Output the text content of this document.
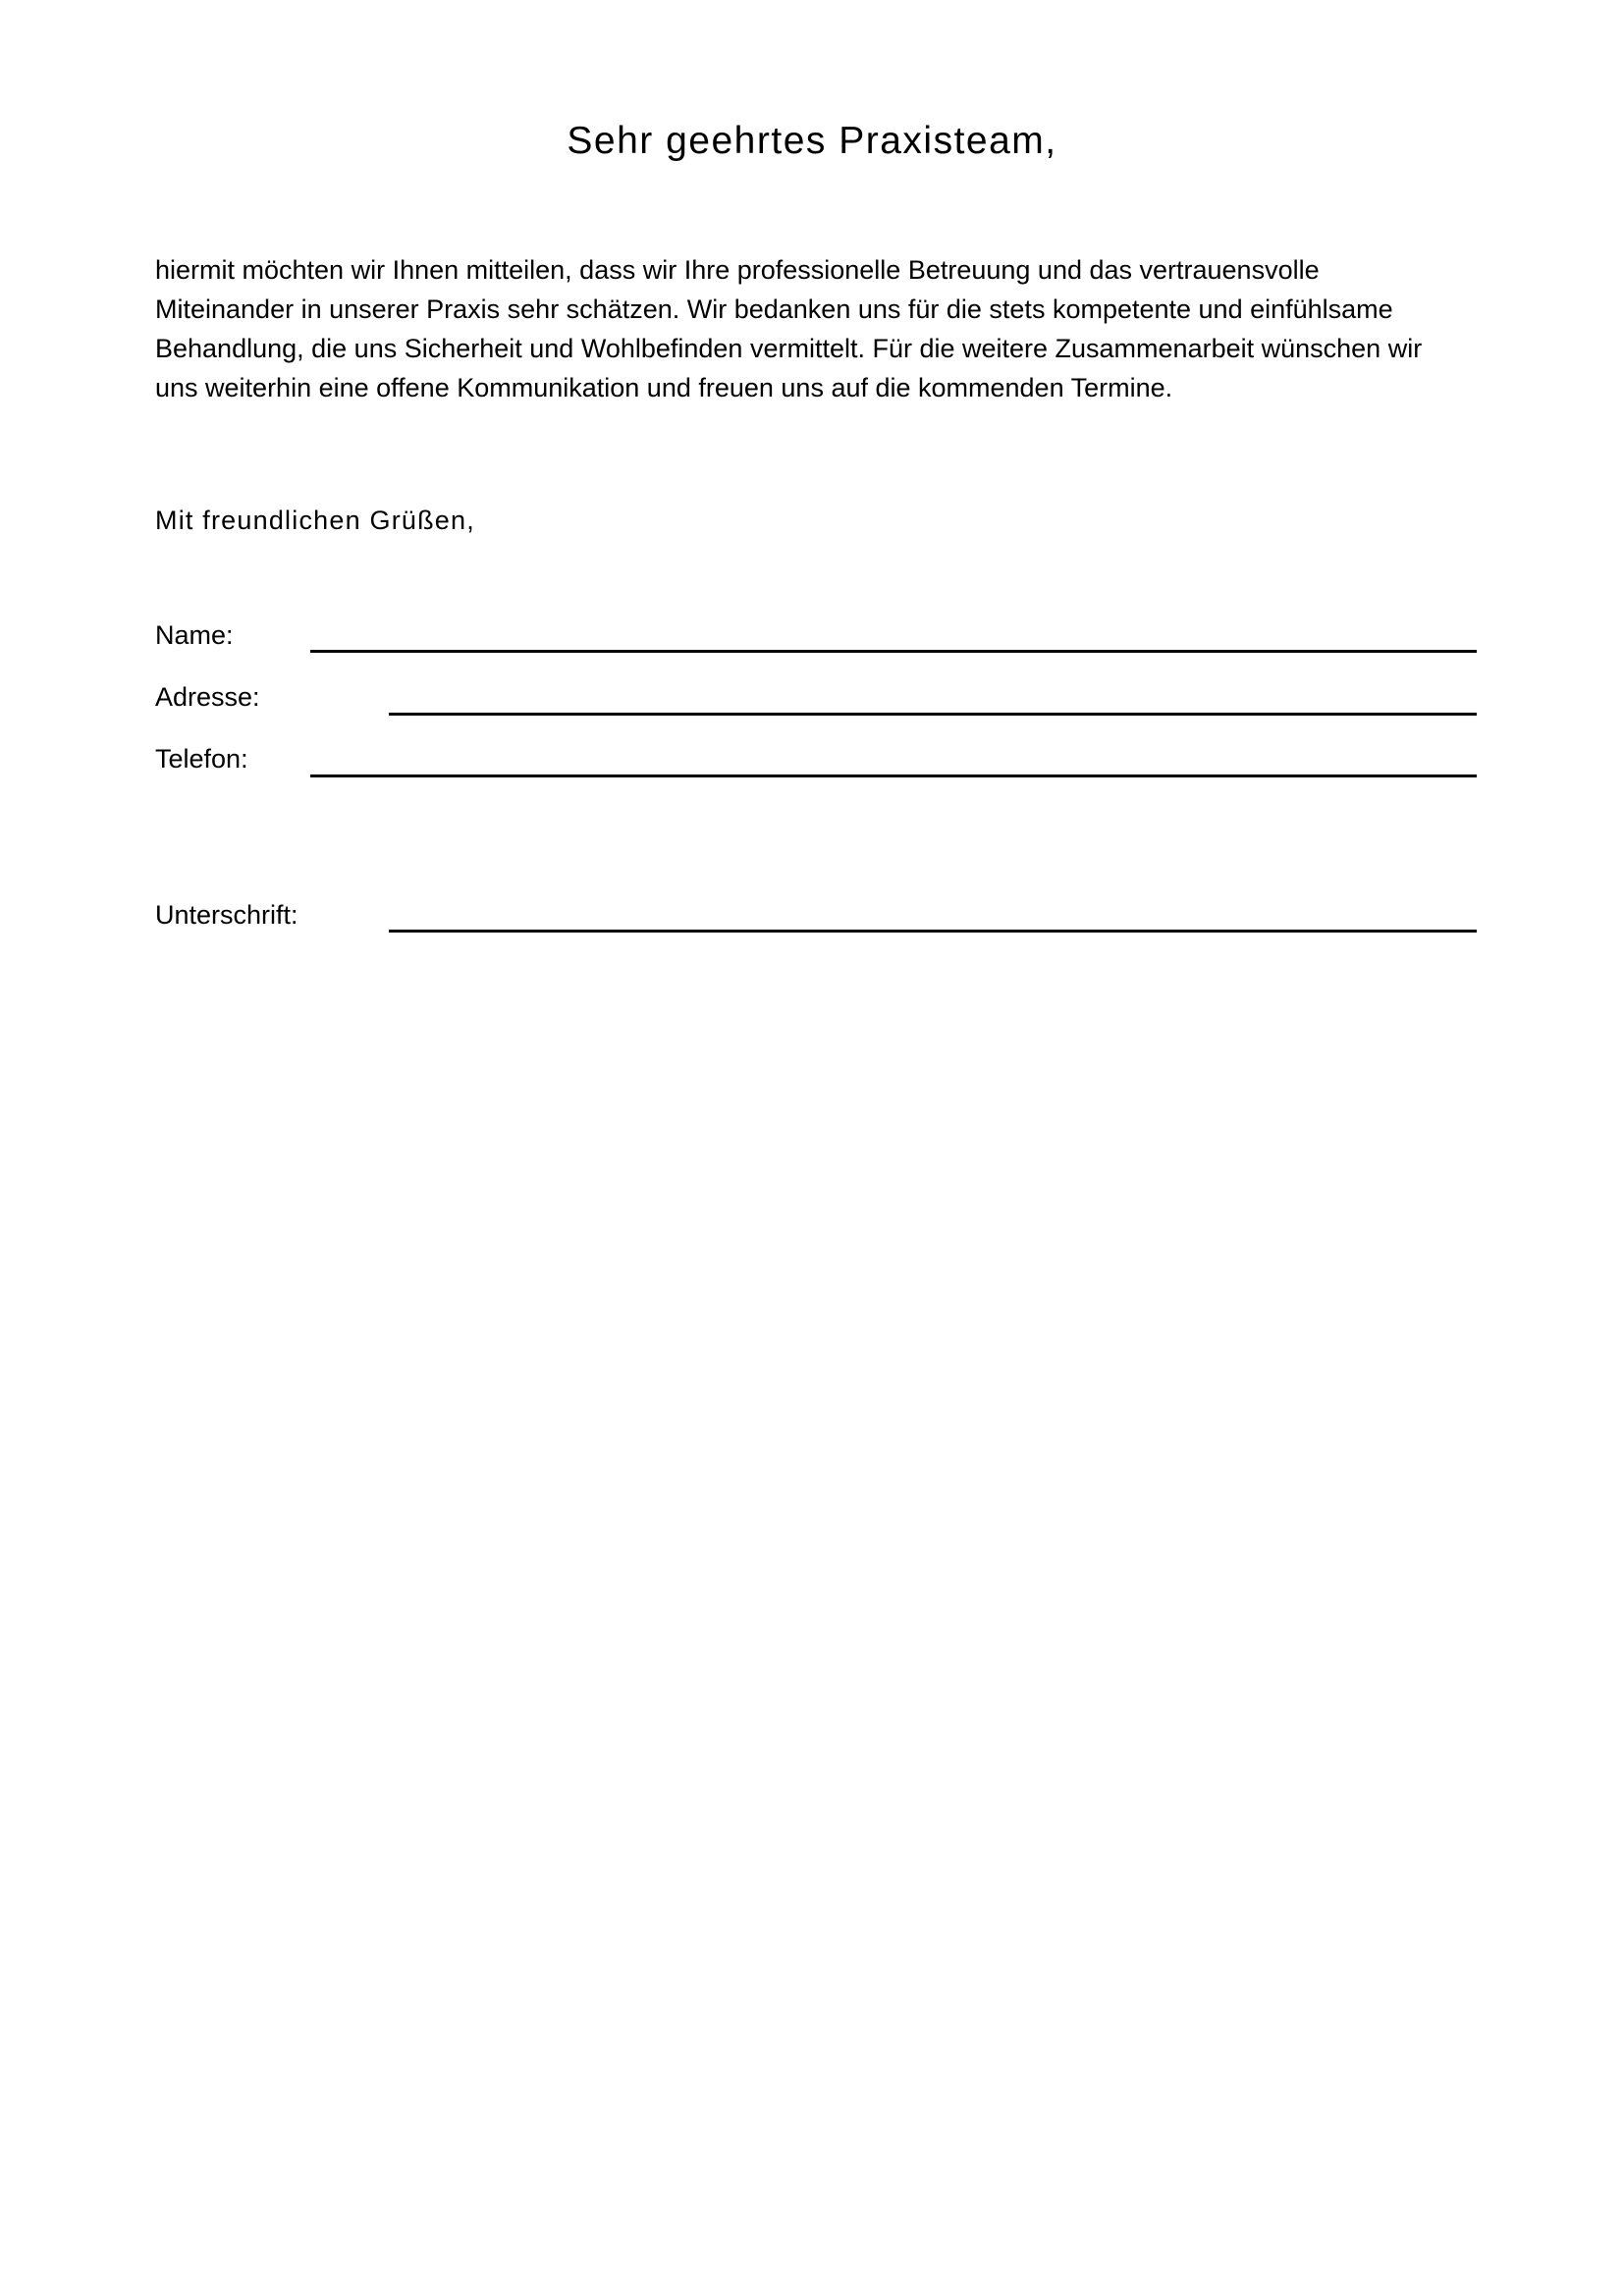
Sehr geehrtes Praxisteam,

hiermit möchten wir Ihnen mitteilen, dass wir Ihre professionelle Betreuung und das vertrauensvolle
Miteinander in unserer Praxis sehr schätzen. Wir bedanken uns für die stets kompetente und einfühlsame
Behandlung, die uns Sicherheit und Wohlbefinden vermittelt. Für die weitere Zusammenarbeit wünschen wir
uns weiterhin eine offene Kommunikation und freuen uns auf die kommenden Termine.

Mit freundlichen Grüßen,

Name:

Adresse:

Telefon:

Unterschrift:
